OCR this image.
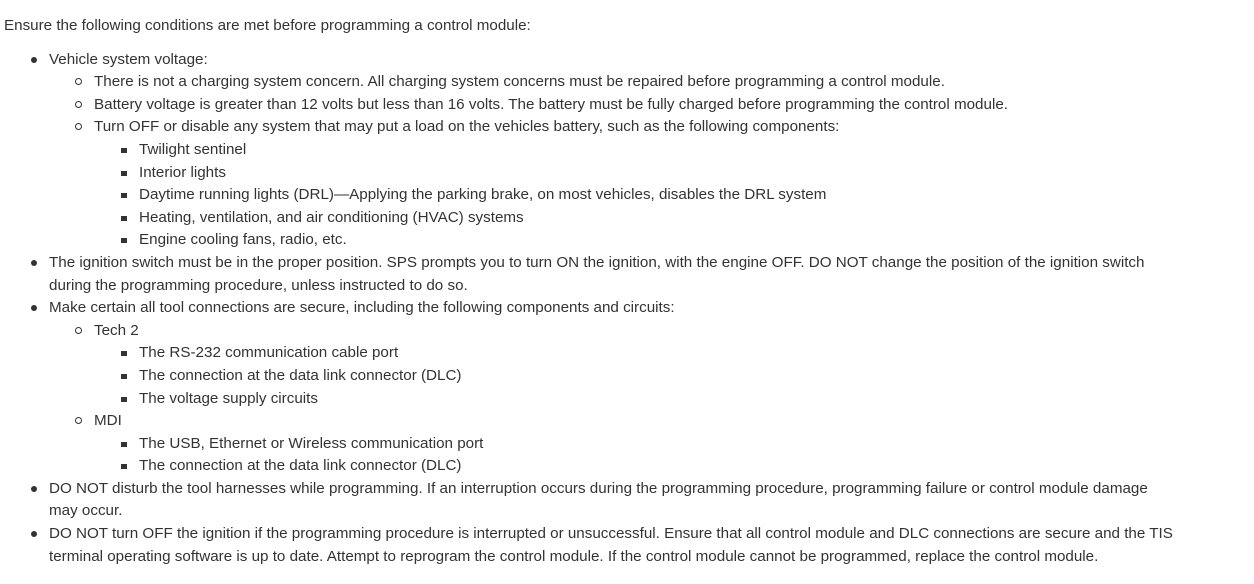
Ensure the following conditions are met before programming a control module:

Vehicle system voltage:
There is not a charging system concern. All charging system concerns must be repaired before programming a control module.
Battery voltage is greater than 12 volts but less than 16 volts. The battery must be fully charged before programming the control module.
Turn OFF or disable any system that may put a load on the vehicles battery, such as the following components:
Twilight sentinel
Interior lights
Daytime running lights (DRL)—Applying the parking brake, on most vehicles, disables the DRL system
Heating, ventilation, and air conditioning (HVAC) systems
Engine cooling fans, radio, etc.
The ignition switch must be in the proper position. SPS prompts you to turn ON the ignition, with the engine OFF. DO NOT change the position of the ignition switch
during the programming procedure, unless instructed to do so.
Make certain all tool connections are secure, including the following components and circuits:
Tech 2
The RS-232 communication cable port
The connection at the data link connector (DLC)
The voltage supply circuits
MDI
The USB, Ethernet or Wireless communication port
The connection at the data link connector (DLC)
DO NOT disturb the tool harnesses while programming. If an interruption occurs during the programming procedure, programming failure or control module damage
may occur.
DO NOT turn OFF the ignition if the programming procedure is interrupted or unsuccessful. Ensure that all control module and DLC connections are secure and the TIS
terminal operating software is up to date. Attempt to reprogram the control module. If the control module cannot be programmed, replace the control module.
